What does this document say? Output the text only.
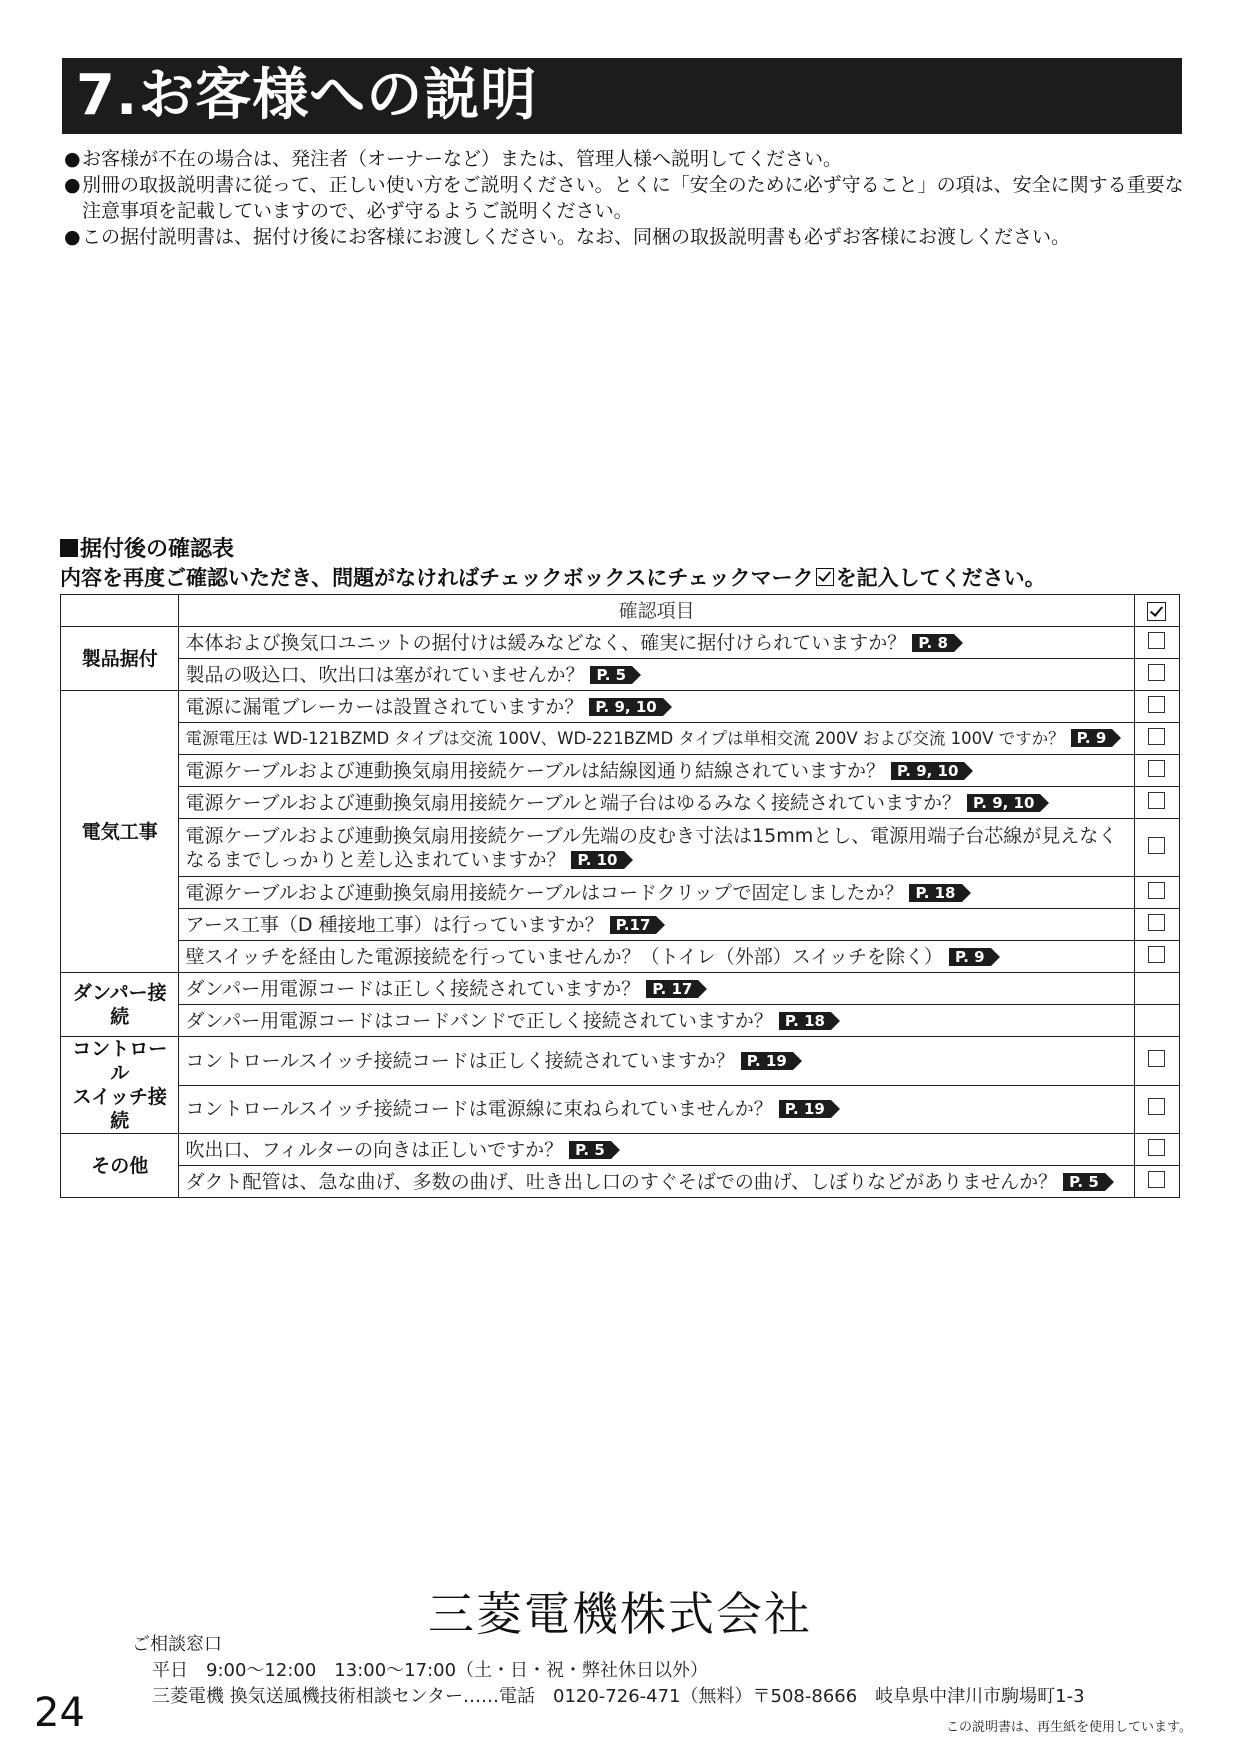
7.お客様への説明
● お客様が不在の場合は、発注者（オーナーなど）または、管理人様へ説明してください。
● 別冊の取扱説明書に従って、正しい使い方をご説明ください。とくに「安全のために必ず守ること」の項は、安全に関する重要な注意事項を記載していますので、必ず守るようご説明ください。
● この据付説明書は、据付け後にお客様にお渡しください。なお、同梱の取扱説明書も必ずお客様にお渡しください。
据付後の確認表
内容を再度ご確認いただき、問題がなければチェックボックスにチェックマーク を記入してください。
	確認項目	
製品据付	本体および換気口ユニットの据付けは緩みなどなく、確実に据付けられていますか？ P. 8	
	製品の吸込口、吹出口は塞がれていませんか？ P. 5	
電気工事	電源に漏電ブレーカーは設置されていますか？ P. 9, 10	
	電源電圧は WD-121BZMD タイプは交流 100V、WD-221BZMD タイプは単相交流 200V および交流 100V ですか？ P. 9	
	電源ケーブルおよび連動換気扇用接続ケーブルは結線図通り結線されていますか？ P. 9, 10	
	電源ケーブルおよび連動換気扇用接続ケーブルと端子台はゆるみなく接続されていますか？ P. 9, 10	
	電源ケーブルおよび連動換気扇用接続ケーブル先端の皮むき寸法は15mmとし、電源用端子台芯線が見えなくなるまでしっかりと差し込まれていますか？ P. 10	
	電源ケーブルおよび連動換気扇用接続ケーブルはコードクリップで固定しましたか？ P. 18	
	アース工事（D 種接地工事）は行っていますか？ P.17	
	壁スイッチを経由した電源接続を行っていませんか？（トイレ（外部）スイッチを除く） P. 9	
ダンパー接続	ダンパー用電源コードは正しく接続されていますか？ P. 17	
	ダンパー用電源コードはコードバンドで正しく接続されていますか？ P. 18	
コントロール
スイッチ接続	コントロールスイッチ接続コードは正しく接続されていますか？ P. 19	
	コントロールスイッチ接続コードは電源線に束ねられていませんか？ P. 19	
その他	吹出口、フィルターの向きは正しいですか？ P. 5	
	ダクト配管は、急な曲げ、多数の曲げ、吐き出し口のすぐそばでの曲げ、しぼりなどがありませんか？ P. 5	
三菱電機株式会社
ご相談窓口
平日　9:00～12:00　13:00～17:00（土・日・祝・弊社休日以外）
三菱電機 換気送風機技術相談センター……電話　0120-726-471（無料）〒508-8666　岐阜県中津川市駒場町1-3
24	この説明書は、再生紙を使用しています。
